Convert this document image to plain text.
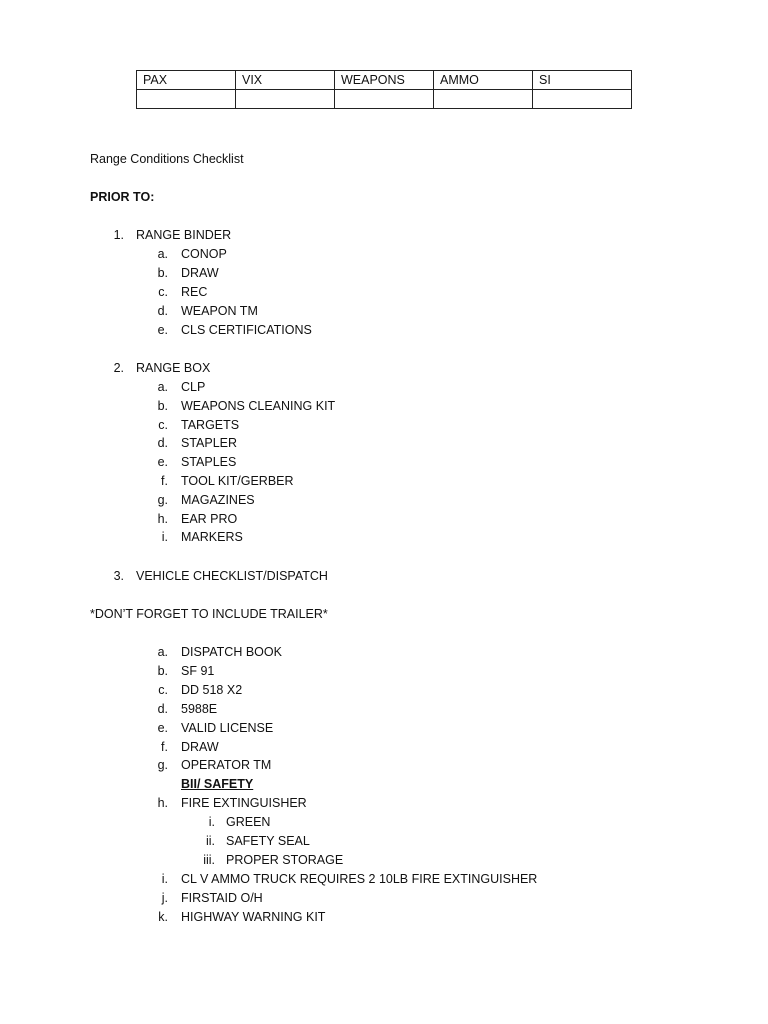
PAX	VIX	WEAPONS	AMMO	SI

Range Conditions Checklist
PRIOR TO:
1. RANGE BINDER
a. CONOP
b. DRAW
c. REC
d. WEAPON TM
e. CLS CERTIFICATIONS
2. RANGE BOX
a. CLP
b. WEAPONS CLEANING KIT
c. TARGETS
d. STAPLER
e. STAPLES
f. TOOL KIT/GERBER
g. MAGAZINES
h. EAR PRO
i. MARKERS
3. VEHICLE CHECKLIST/DISPATCH
*DON’T FORGET TO INCLUDE TRAILER*
a. DISPATCH BOOK
b. SF 91
c. DD 518 X2
d. 5988E
e. VALID LICENSE
f. DRAW
g. OPERATOR TM
BII/ SAFETY
h. FIRE EXTINGUISHER
i. GREEN
ii. SAFETY SEAL
iii. PROPER STORAGE
i. CL V AMMO TRUCK REQUIRES 2 10LB FIRE EXTINGUISHER
j. FIRSTAID O/H
k. HIGHWAY WARNING KIT
